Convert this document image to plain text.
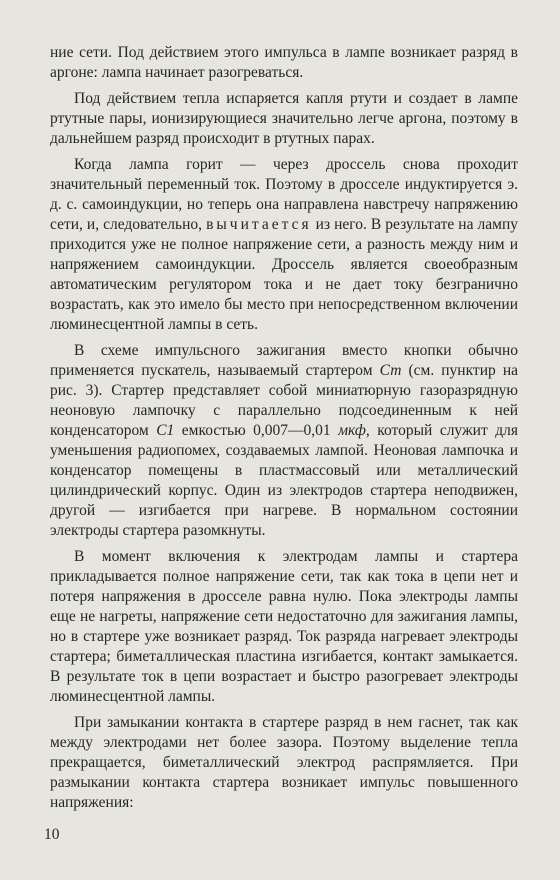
ние сети. Под действием этого импульса в лампе возникает разряд в аргоне: лампа начинает разогреваться.

Под действием тепла испаряется капля ртути и создает в лампе ртутные пары, ионизирующиеся значительно легче аргона, поэтому в дальнейшем разряд происходит в ртутных парах.

Когда лампа горит — через дроссель снова проходит значительный переменный ток. Поэтому в дросселе индуктируется э. д. с. самоиндукции, но теперь она направлена навстречу напряжению сети, и, следовательно, вычитается из него. В результате на лампу приходится уже не полное напряжение сети, а разность между ним и напряжением самоиндукции. Дроссель является своеобразным автоматическим регулятором тока и не дает току безгранично возрастать, как это имело бы место при непосредственном включении люминесцентной лампы в сеть.

В схеме импульсного зажигания вместо кнопки обычно применяется пускатель, называемый стартером Ст (см. пунктир на рис. 3). Стартер представляет собой миниатюрную газоразрядную неоновую лампочку с параллельно подсоединенным к ней конденсатором С1 емкостью 0,007—0,01 мкф, который служит для уменьшения радиопомех, создаваемых лампой. Неоновая лампочка и конденсатор помещены в пластмассовый или металлический цилиндрический корпус. Один из электродов стартера неподвижен, другой — изгибается при нагреве. В нормальном состоянии электроды стартера разомкнуты.

В момент включения к электродам лампы и стартера прикладывается полное напряжение сети, так как тока в цепи нет и потеря напряжения в дросселе равна нулю. Пока электроды лампы еще не нагреты, напряжение сети недостаточно для зажигания лампы, но в стартере уже возникает разряд. Ток разряда нагревает электроды стартера; биметаллическая пластина изгибается, контакт замыкается. В результате ток в цепи возрастает и быстро разогревает электроды люминесцентной лампы.

При замыкании контакта в стартере разряд в нем гаснет, так как между электродами нет более зазора. Поэтому выделение тепла прекращается, биметаллический электрод распрямляется. При размыкании контакта стартера возникает импульс повышенного напряжения:

10
